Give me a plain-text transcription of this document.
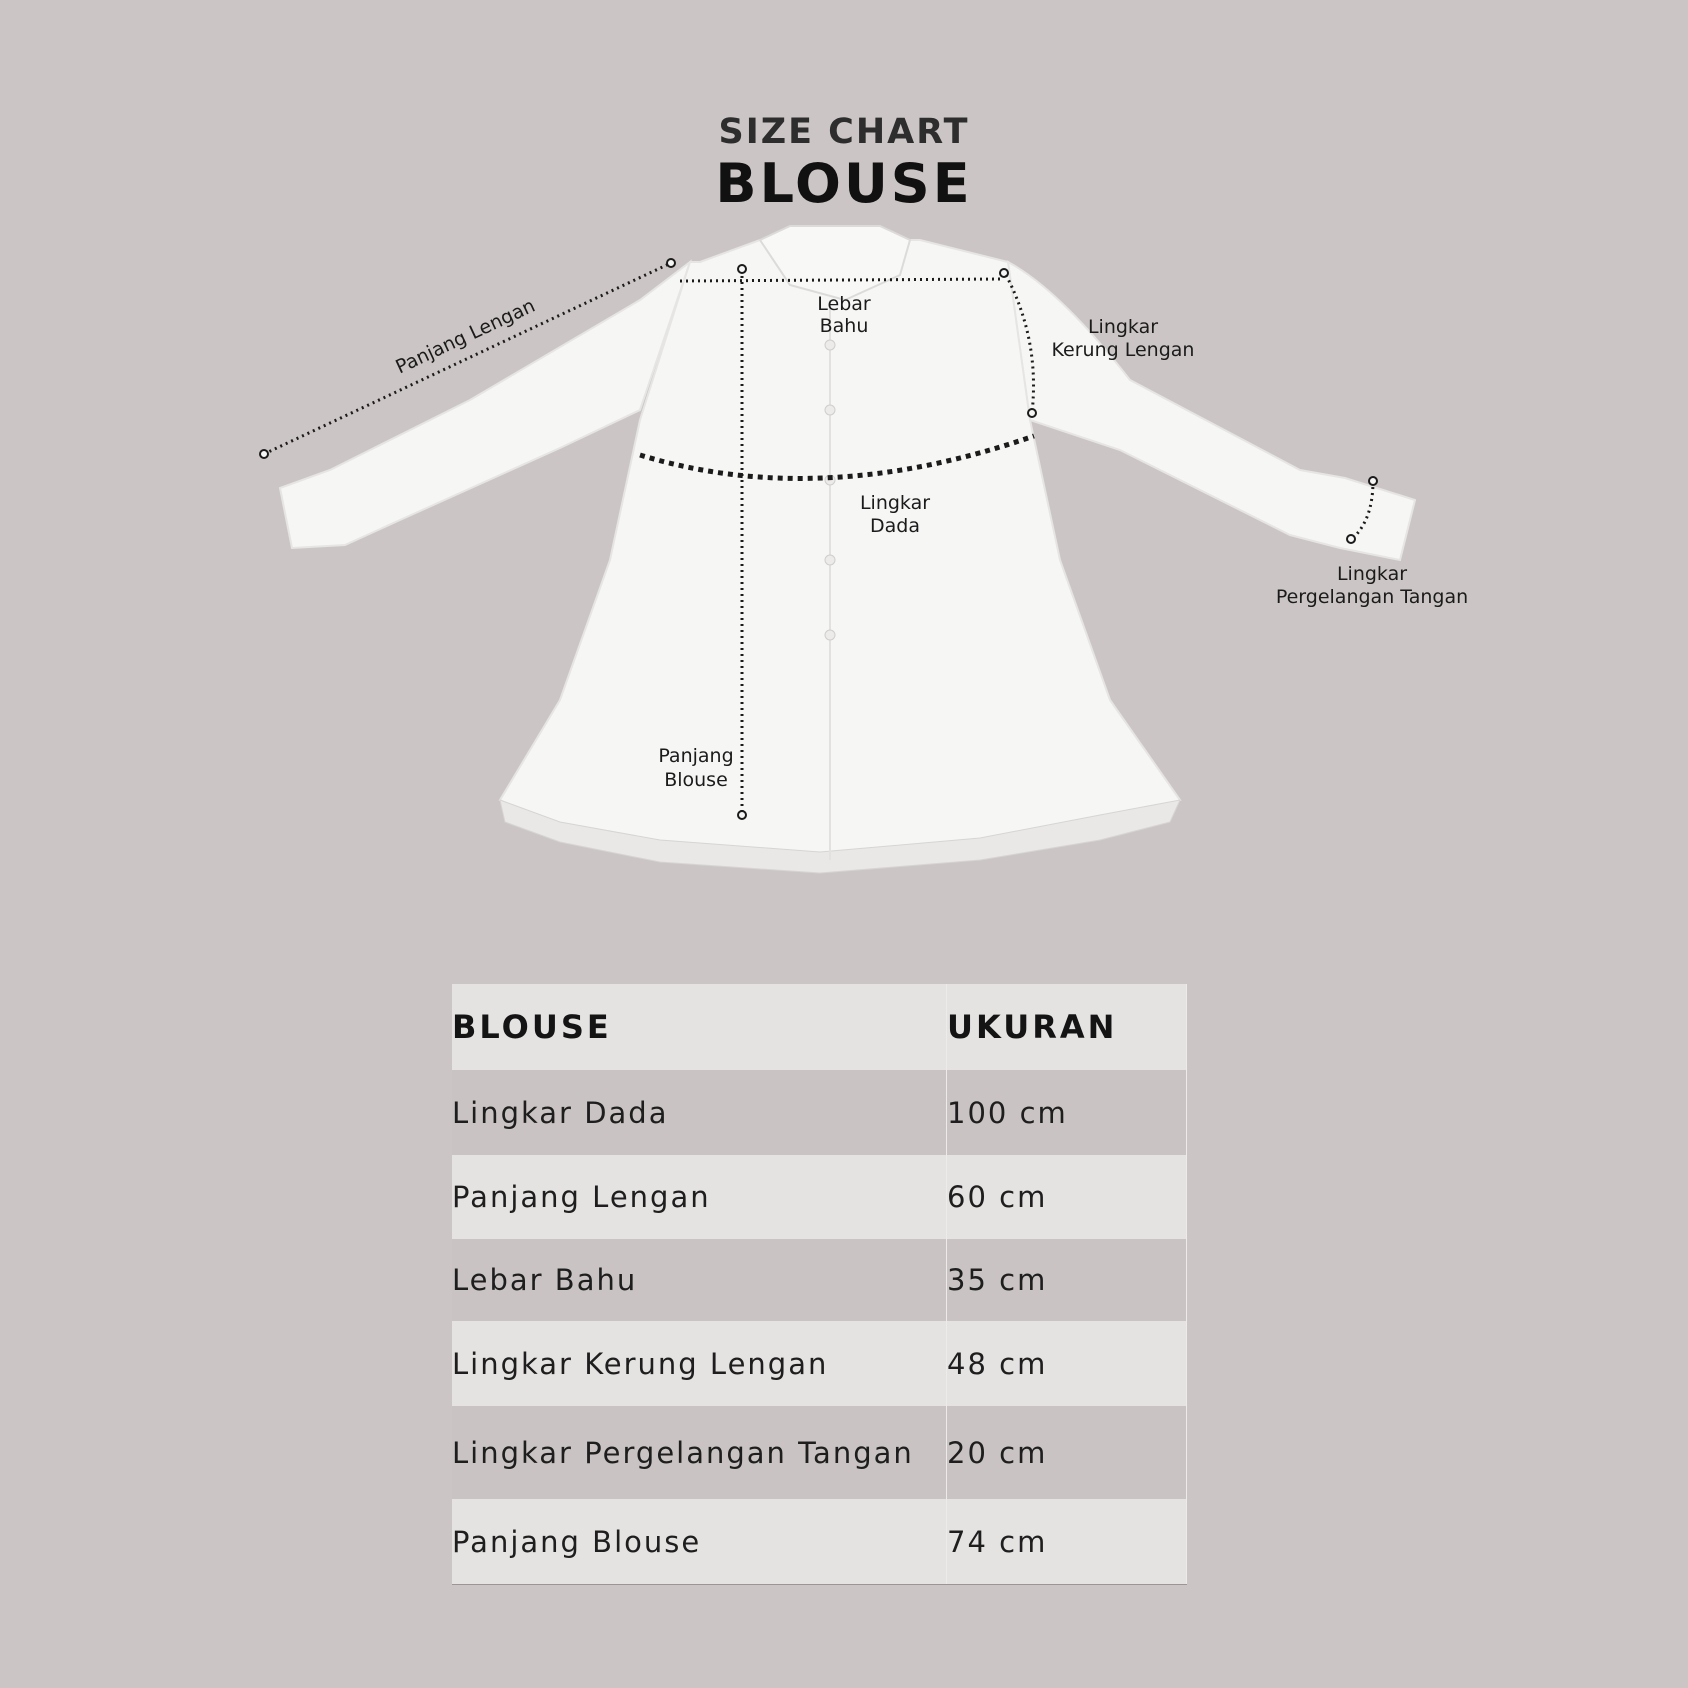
SIZE CHART
BLOUSE
Panjang Lengan	Lebar
Bahu	Lingkar
Kerung Lengan
Lingkar
Dada
Lingkar
Pergelangan Tangan
Panjang
Blouse
BLOUSE	UKURAN
Lingkar Dada	100 cm
Panjang Lengan	60 cm
Lebar Bahu	35 cm
Lingkar Kerung Lengan	48 cm
Lingkar Pergelangan Tangan	20 cm
Panjang Blouse	74 cm
